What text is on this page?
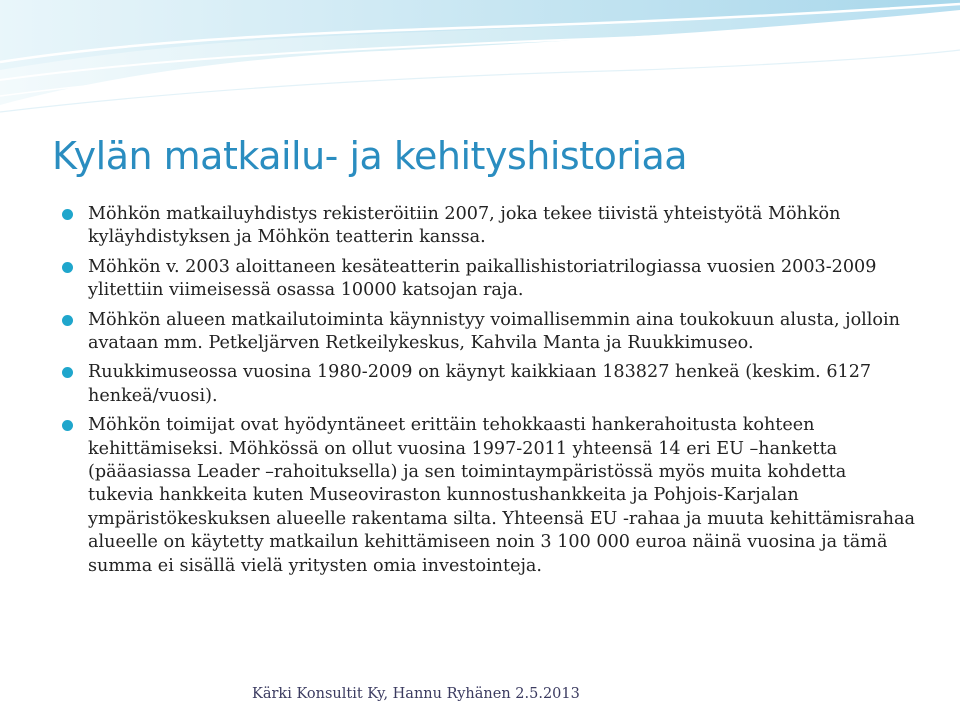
Kylän matkailu- ja kehityshistoriaa
Möhkön matkailuyhdistys rekisteröitiin 2007, joka tekee tiivistä yhteistyötä Möhkön kyläyhdistyksen ja Möhkön teatterin kanssa.
Möhkön v. 2003 aloittaneen kesäteatterin paikallishistoriatrilogiassa vuosien 2003-2009 ylitettiin viimeisessä osassa 10000 katsojan raja.
Möhkön alueen matkailutoiminta käynnistyy voimallisemmin aina toukokuun alusta, jolloin avataan mm. Petkeljärven Retkeilykeskus, Kahvila Manta ja Ruukkimuseo.
Ruukkimuseossa vuosina 1980-2009 on käynyt kaikkiaan 183827 henkeä (keskim. 6127 henkeä/vuosi).
Möhkön toimijat ovat hyödyntäneet erittäin tehokkaasti hankerahoitusta kohteen kehittämiseksi. Möhkössä on ollut vuosina 1997-2011 yhteensä 14 eri EU –hanketta (pääasiassa Leader –rahoituksella) ja sen toimintaympäristössä myös muita kohdetta tukevia hankkeita kuten Museoviraston kunnostushankkeita ja Pohjois-Karjalan ympäristökeskuksen alueelle rakentama silta. Yhteensä EU -rahaa ja muuta kehittämisrahaa alueelle on käytetty matkailun kehittämiseen noin 3 100 000 euroa näinä vuosina ja tämä summa ei sisällä vielä yritysten omia investointeja.
Kärki Konsultit Ky, Hannu Ryhänen 2.5.2013
